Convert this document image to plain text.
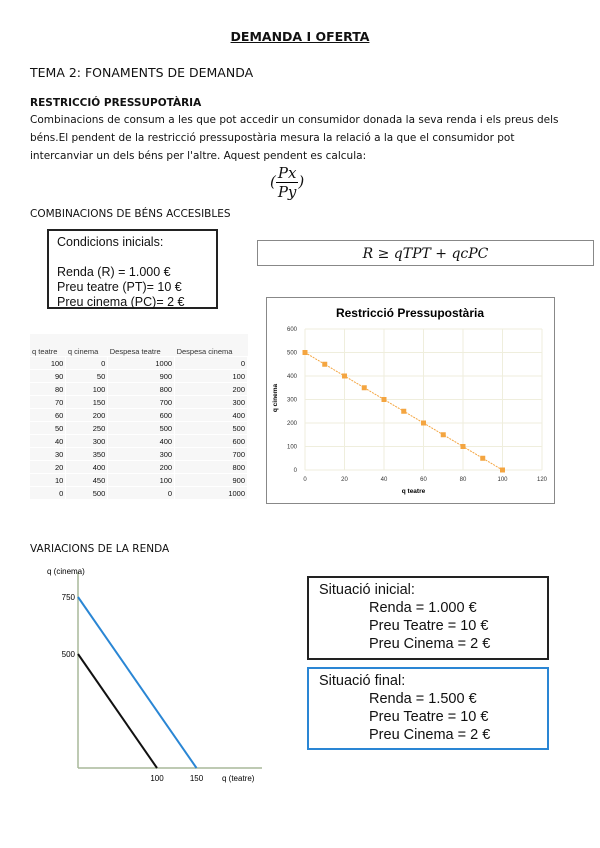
DEMANDA I OFERTA
TEMA 2: FONAMENTS DE DEMANDA
RESTRICCIÓ PRESSUPOTÀRIA
Combinacions de consum a les que pot accedir un consumidor donada la seva renda i els preus dels béns.El pendent de la restricció pressupostària mesura la relació a la que el consumidor pot intercanviar un dels béns per l'altre. Aquest pendent es calcula:
( $\frac{Px}{Py}$ )
COMBINACIONS DE BÉNS ACCESIBLES
Condicions inicials:
Renda (R) = 1.000 €
Preu teatre (PT)= 10 €
Preu cinema (PC)= 2 €
R ≥ qTPT + qcPC
q teatre	q cinema	Despesa teatre	Despesa cinema
100	0	1000	0
90	50	900	100
80	100	800	200
70	150	700	300
60	200	600	400
50	250	500	500
40	300	400	600
30	350	300	700
20	400	200	800
10	450	100	900
0	500	0	1000
Restricció Pressupostària
0
100
200
300
400
500
600
0	20	40	60	80	100	120
q teatre
q cinema
VARIACIONS DE LA RENDA
q (cinema)
q (teatre)
500
750
100	150
Situació inicial:
Renda = 1.000 €
Preu Teatre = 10 €
Preu Cinema = 2 €
Situació final:
Renda = 1.500 €
Preu Teatre = 10 €
Preu Cinema = 2 €
